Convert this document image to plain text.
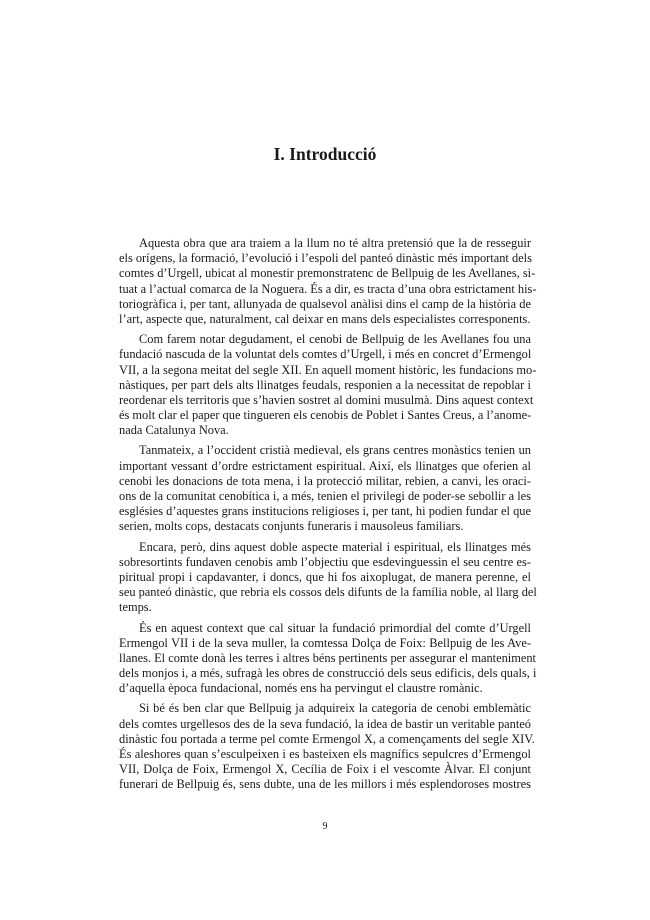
I. Introducció

Aquesta obra que ara traiem a la llum no té altra pretensió que la de resseguir
els orígens, la formació, l’evolució i l’espoli del panteó dinàstic més important dels
comtes d’Urgell, ubicat al monestir premonstratenc de Bellpuig de les Avellanes, si-
tuat a l’actual comarca de la Noguera. És a dir, es tracta d’una obra estrictament his-
toriogràfica i, per tant, allunyada de qualsevol anàlisi dins el camp de la història de
l’art, aspecte que, naturalment, cal deixar en mans dels especialistes corresponents.

Com farem notar degudament, el cenobi de Bellpuig de les Avellanes fou una
fundació nascuda de la voluntat dels comtes d’Urgell, i més en concret d’Ermengol
VII, a la segona meitat del segle XII. En aquell moment històric, les fundacions mo-
nàstiques, per part dels alts llinatges feudals, responien a la necessitat de repoblar i
reordenar els territoris que s’havien sostret al domini musulmà. Dins aquest context
és molt clar el paper que tingueren els cenobis de Poblet i Santes Creus, a l’anome-
nada Catalunya Nova.

Tanmateix, a l’occident cristià medieval, els grans centres monàstics tenien un
important vessant d’ordre estrictament espiritual. Així, els llinatges que oferien al
cenobi les donacions de tota mena, i la protecció militar, rebien, a canvi, les oraci-
ons de la comunitat cenobítica i, a més, tenien el privilegi de poder-se sebollir a les
esglésies d’aquestes grans institucions religioses i, per tant, hi podien fundar el que
serien, molts cops, destacats conjunts funeraris i mausoleus familiars.

Encara, però, dins aquest doble aspecte material i espiritual, els llinatges més
sobresortints fundaven cenobis amb l’objectiu que esdevinguessin el seu centre es-
piritual propi i capdavanter, i doncs, que hi fos aixoplugat, de manera perenne, el
seu panteó dinàstic, que rebria els cossos dels difunts de la família noble, al llarg del
temps.

És en aquest context que cal situar la fundació primordial del comte d’Urgell
Ermengol VII i de la seva muller, la comtessa Dolça de Foix: Bellpuig de les Ave-
llanes. El comte donà les terres i altres béns pertinents per assegurar el manteniment
dels monjos i, a més, sufragà les obres de construcció dels seus edificis, dels quals, i
d’aquella època fundacional, només ens ha pervingut el claustre romànic.

Si bé és ben clar que Bellpuig ja adquireix la categoria de cenobi emblemàtic
dels comtes urgellesos des de la seva fundació, la idea de bastir un veritable panteó
dinàstic fou portada a terme pel comte Ermengol X, a començaments del segle XIV.
És aleshores quan s’esculpeixen i es basteixen els magnífics sepulcres d’Ermengol
VII, Dolça de Foix, Ermengol X, Cecília de Foix i el vescomte Àlvar. El conjunt
funerari de Bellpuig és, sens dubte, una de les millors i més esplendoroses mostres

9
